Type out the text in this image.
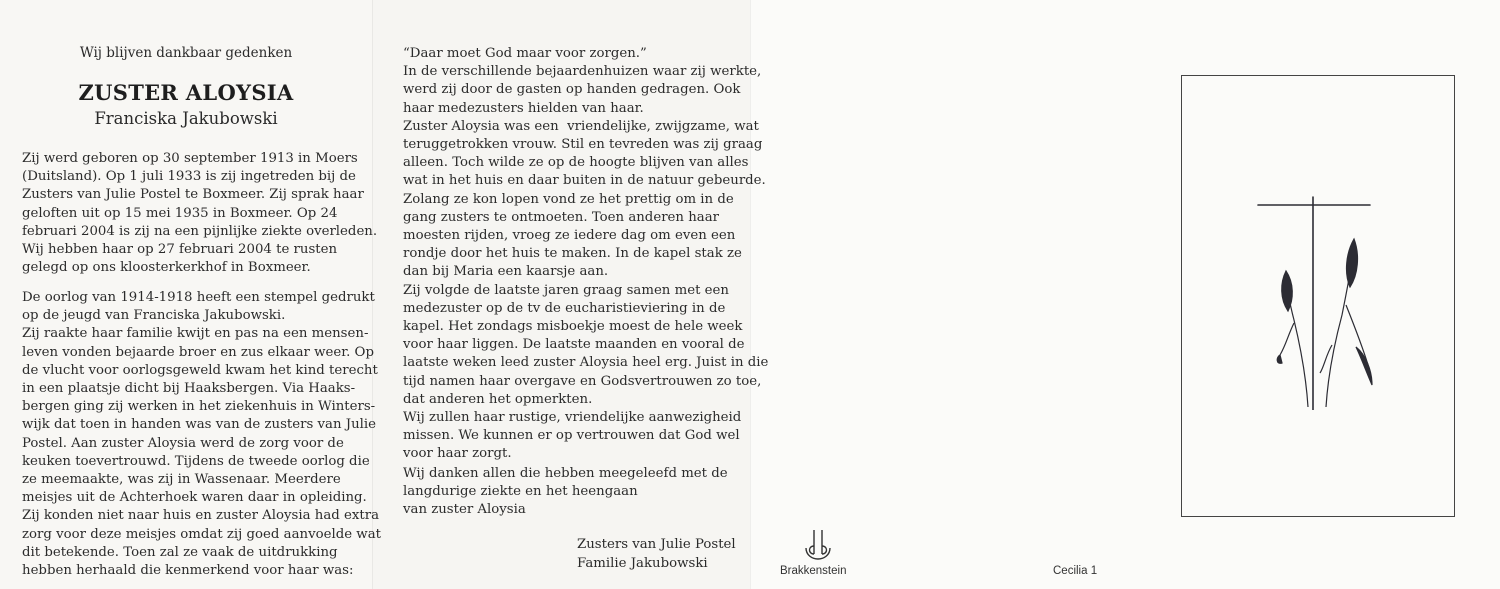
Wij blijven dankbaar gedenken
ZUSTER ALOYSIA
Franciska Jakubowski
Zij werd geboren op 30 september 1913 in Moers
(Duitsland). Op 1 juli 1933 is zij ingetreden bij de
Zusters van Julie Postel te Boxmeer. Zij sprak haar
geloften uit op 15 mei 1935 in Boxmeer. Op 24
februari 2004 is zij na een pijnlijke ziekte overleden.
Wij hebben haar op 27 februari 2004 te rusten
gelegd op ons kloosterkerkhof in Boxmeer.
De oorlog van 1914-1918 heeft een stempel gedrukt
op de jeugd van Franciska Jakubowski.
Zij raakte haar familie kwijt en pas na een mensen-
leven vonden bejaarde broer en zus elkaar weer. Op
de vlucht voor oorlogsgeweld kwam het kind terecht
in een plaatsje dicht bij Haaksbergen. Via Haaks-
bergen ging zij werken in het ziekenhuis in Winters-
wijk dat toen in handen was van de zusters van Julie
Postel. Aan zuster Aloysia werd de zorg voor de
keuken toevertrouwd. Tijdens de tweede oorlog die
ze meemaakte, was zij in Wassenaar. Meerdere
meisjes uit de Achterhoek waren daar in opleiding.
Zij konden niet naar huis en zuster Aloysia had extra
zorg voor deze meisjes omdat zij goed aanvoelde wat
dit betekende. Toen zal ze vaak de uitdrukking
hebben herhaald die kenmerkend voor haar was:
“Daar moet God maar voor zorgen.”
In de verschillende bejaardenhuizen waar zij werkte,
werd zij door de gasten op handen gedragen. Ook
haar medezusters hielden van haar.
Zuster Aloysia was een  vriendelijke, zwijgzame, wat
teruggetrokken vrouw. Stil en tevreden was zij graag
alleen. Toch wilde ze op de hoogte blijven van alles
wat in het huis en daar buiten in de natuur gebeurde.
Zolang ze kon lopen vond ze het prettig om in de
gang zusters te ontmoeten. Toen anderen haar
moesten rijden, vroeg ze iedere dag om even een
rondje door het huis te maken. In de kapel stak ze
dan bij Maria een kaarsje aan.
Zij volgde de laatste jaren graag samen met een
medezuster op de tv de eucharistieviering in de
kapel. Het zondags misboekje moest de hele week
voor haar liggen. De laatste maanden en vooral de
laatste weken leed zuster Aloysia heel erg. Juist in die
tijd namen haar overgave en Godsvertrouwen zo toe,
dat anderen het opmerkten.
Wij zullen haar rustige, vriendelijke aanwezigheid
missen. We kunnen er op vertrouwen dat God wel
voor haar zorgt.
Wij danken allen die hebben meegeleefd met de
langdurige ziekte en het heengaan
van zuster Aloysia
Zusters van Julie Postel
Familie Jakubowski	Brakkenstein	Cecilia 1
